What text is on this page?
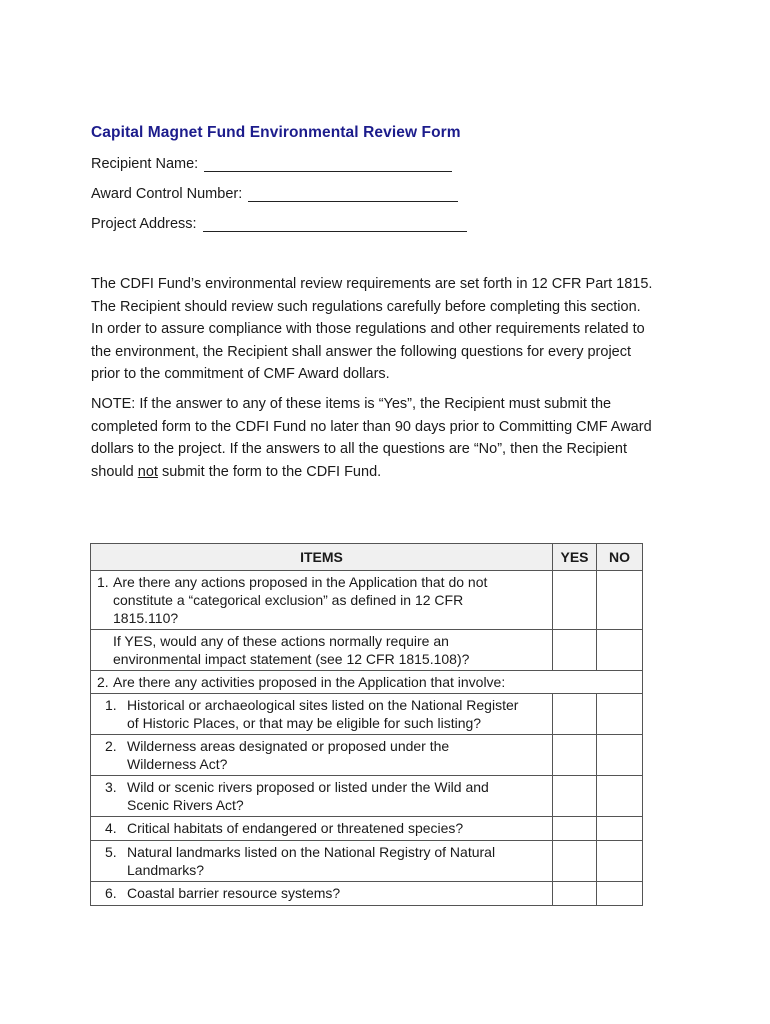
Capital Magnet Fund Environmental Review Form
Recipient Name:
Award Control Number:
Project Address:

The CDFI Fund’s environmental review requirements are set forth in 12 CFR Part 1815.

The Recipient should review such regulations carefully before completing this section.

In order to assure compliance with those regulations and other requirements related to

the environment, the Recipient shall answer the following questions for every project

prior to the commitment of CMF Award dollars.

NOTE: If the answer to any of these items is “Yes”, the Recipient must submit the

completed form to the CDFI Fund no later than 90 days prior to Committing CMF Award

dollars to the project. If the answers to all the questions are “No”, then the Recipient

should not submit the form to the CDFI Fund.

ITEMS	YES	NO

1. Are there any actions proposed in the Application that do not
constitute a “categorical exclusion” as defined in 12 CFR
1815.110?		

If YES, would any of these actions normally require an
environmental impact statement (see 12 CFR 1815.108)?		

2. Are there any activities proposed in the Application that involve:		

1. Historical or archaeological sites listed on the National Register
of Historic Places, or that may be eligible for such listing?		

2. Wilderness areas designated or proposed under the
Wilderness Act?		

3. Wild or scenic rivers proposed or listed under the Wild and
Scenic Rivers Act?		

4. Critical habitats of endangered or threatened species?		

5. Natural landmarks listed on the National Registry of Natural
Landmarks?		

6. Coastal barrier resource systems?		
